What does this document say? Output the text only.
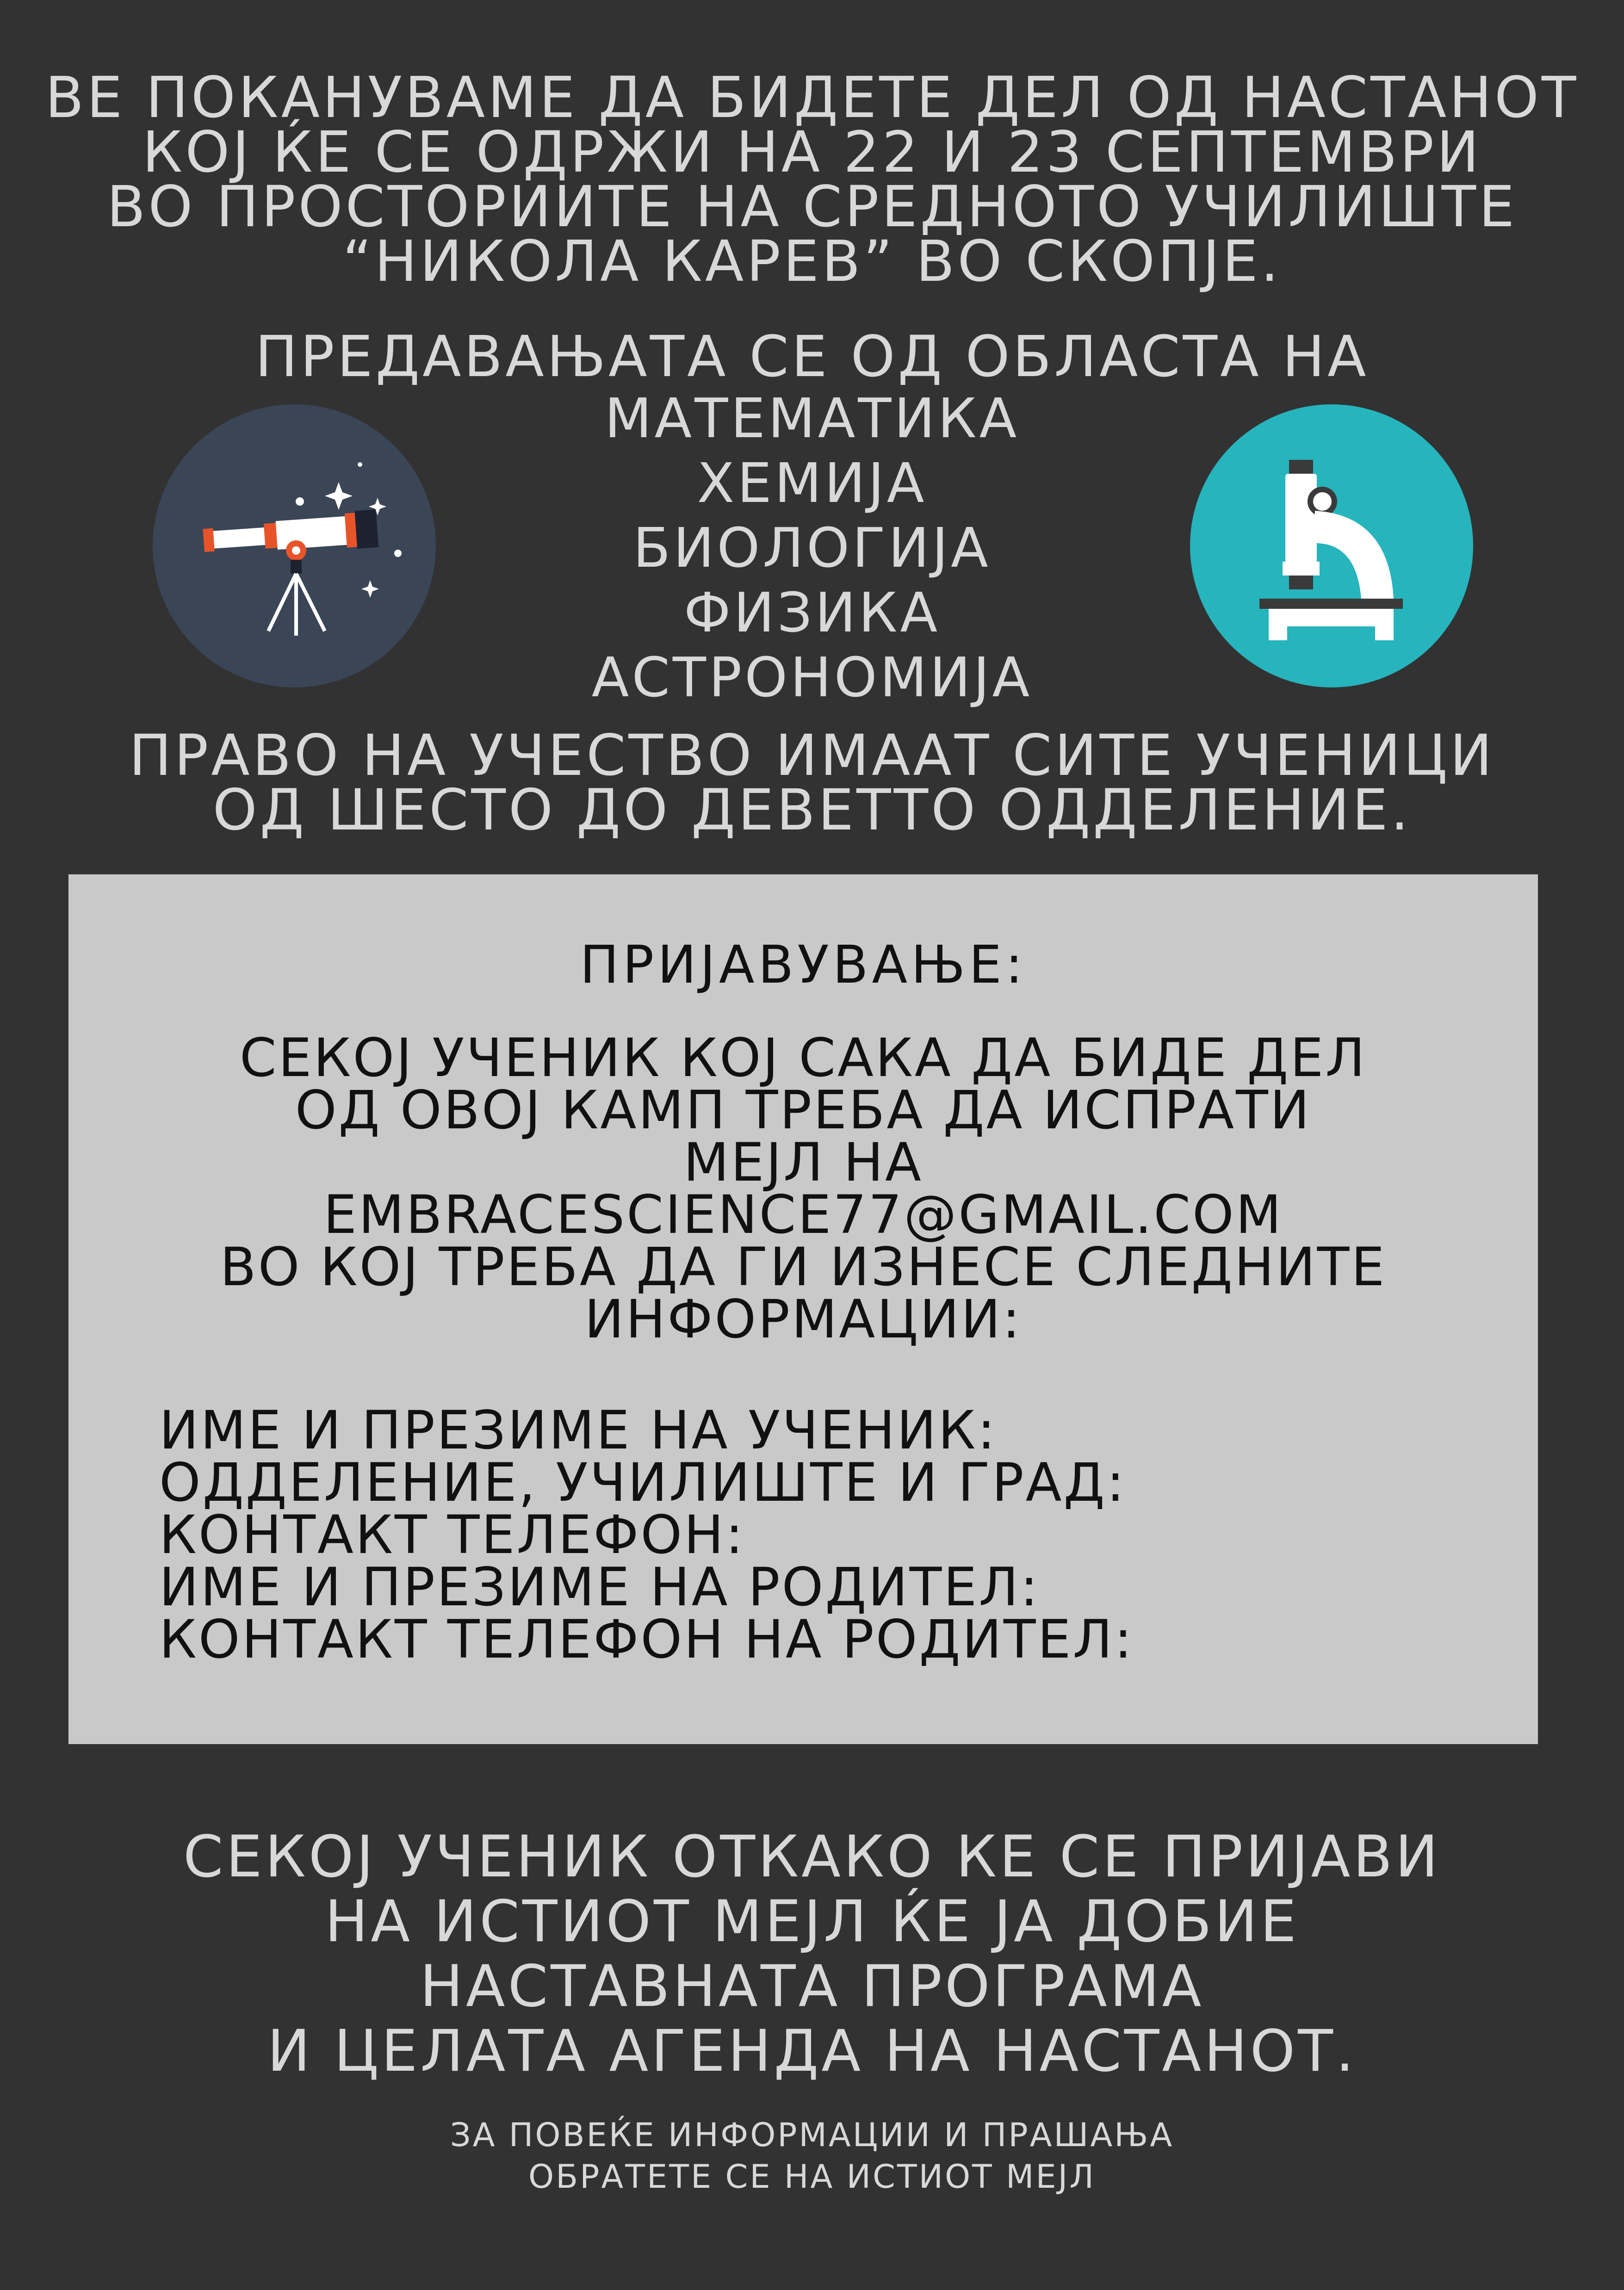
ВЕ ПОКАНУВАМЕ ДА БИДЕТЕ ДЕЛ ОД НАСТАНОТ
КОЈ ЌЕ СЕ ОДРЖИ НА 22 И 23 СЕПТЕМВРИ
ВО ПРОСТОРИИТЕ НА СРЕДНОТО УЧИЛИШТЕ
“НИКОЛА КАРЕВ” ВО СКОПЈЕ.
ПРЕДАВАЊАТА СЕ ОД ОБЛАСТА НА
МАТЕМАТИКА
ХЕМИЈА
БИОЛОГИЈА
ФИЗИКА
АСТРОНОМИЈА
ПРАВО НА УЧЕСТВО ИМААТ СИТЕ УЧЕНИЦИ
ОД ШЕСТО ДО ДЕВЕТТО ОДДЕЛЕНИЕ.
ПРИЈАВУВАЊЕ:
СЕКОЈ УЧЕНИК КОЈ САКА ДА БИДЕ ДЕЛ
ОД ОВОЈ КАМП ТРЕБА ДА ИСПРАТИ
МЕЈЛ НА
EMBRACESCIENCE77@GMAIL.COM
ВО КОЈ ТРЕБА ДА ГИ ИЗНЕСЕ СЛЕДНИТЕ
ИНФОРМАЦИИ:
ИМЕ И ПРЕЗИМЕ НА УЧЕНИК:
ОДДЕЛЕНИЕ, УЧИЛИШТЕ И ГРАД:
КОНТАКТ ТЕЛЕФОН:
ИМЕ И ПРЕЗИМЕ НА РОДИТЕЛ:
КОНТАКТ ТЕЛЕФОН НА РОДИТЕЛ:
СЕКОЈ УЧЕНИК ОТКАКО КЕ СЕ ПРИЈАВИ
НА ИСТИОТ МЕЈЛ ЌЕ ЈА ДОБИЕ
НАСТАВНАТА ПРОГРАМА
И ЦЕЛАТА АГЕНДА НА НАСТАНОТ.
ЗА ПОВЕЌЕ ИНФОРМАЦИИ И ПРАШАЊА
ОБРАТЕТЕ СЕ НА ИСТИОТ МЕЈЛ
